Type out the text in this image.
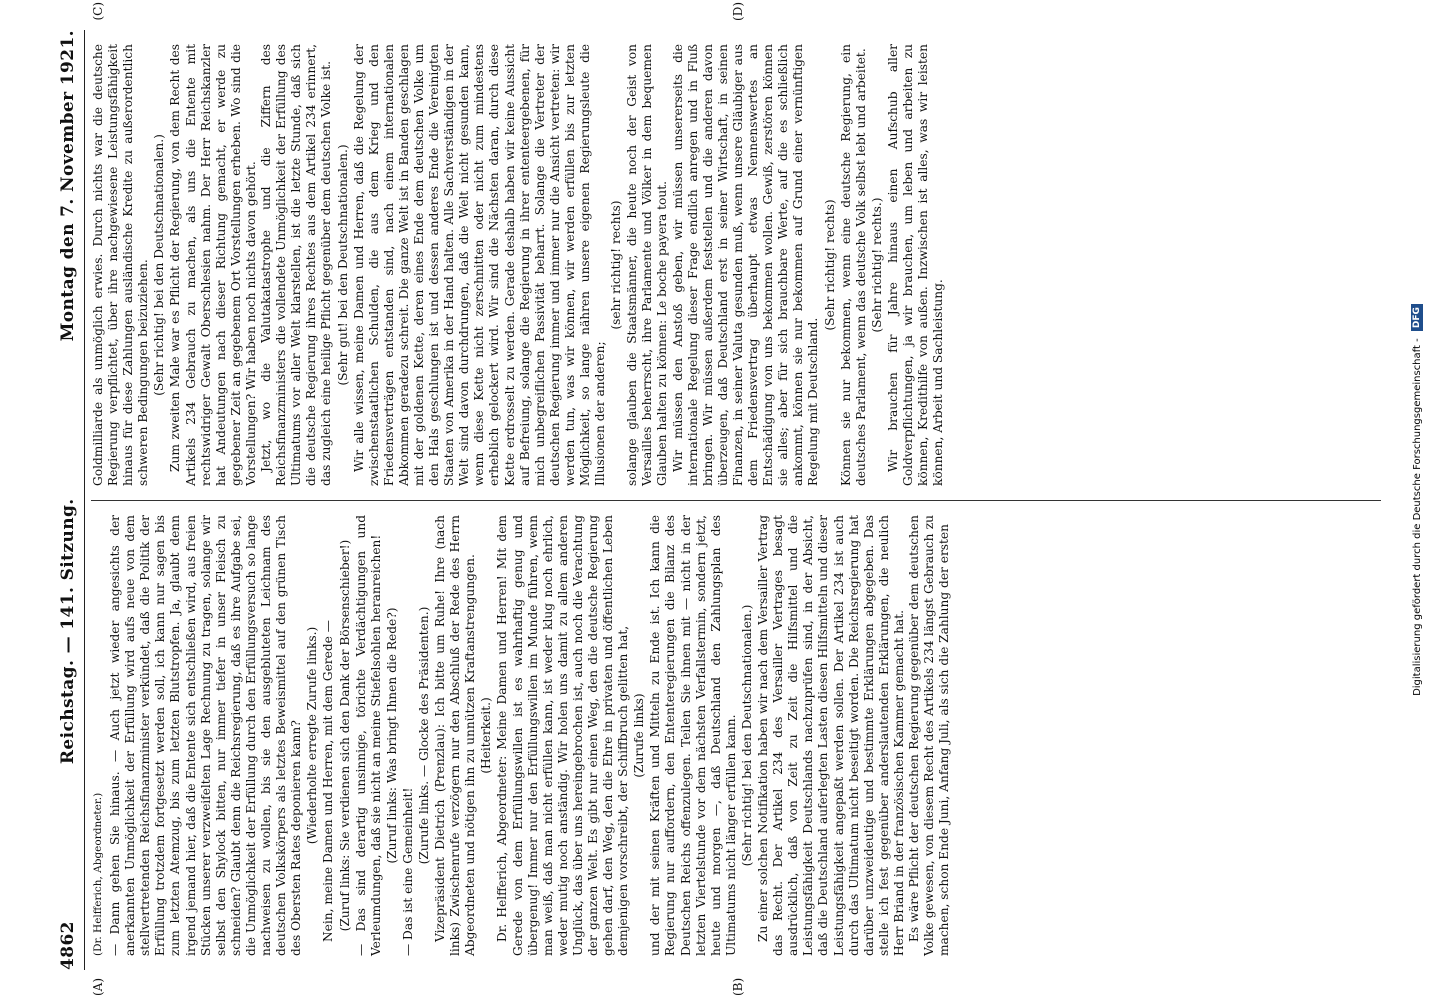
4862
Reichstag. — 141. Sitzung.
Montag den 7. November 1921.
(A)	(B)
(C)	(D)
(Dr. Helfferich, Abgeordneter.) — Dann gehen Sie hinaus. — Auch jetzt wieder angesichts der anerkannten Unmöglichkeit der Erfüllung wird aufs neue von dem stellvertretenden Reichsfinanzminister verkündet, daß die Politik der Erfüllung trotzdem fortgesetzt werden soll, ich kann nur sagen bis zum letzten Atemzug, bis zum letzten Blutstropfen. Ja, glaubt denn irgend jemand hier, daß die Entente sich entschließen wird, aus freien Stücken unserer verzweifelten Lage Rechnung zu tragen, solange wir selbst den Shylock bitten, nur immer tiefer in unser Fleisch zu schneiden? Glaubt denn die Reichsregierung, daß es ihre Aufgabe sei, die Unmöglichkeit der Erfüllung durch den Erfüllungsversuch so lange nachweisen zu wollen, bis sie den ausgebluteten Leichnam des deutschen Volkskörpers als letztes Beweismittel auf den grünen Tisch des Obersten Rates deponieren kann? (Wiederholte erregte Zurufe links.) Nein, meine Damen und Herren, mit dem Gerede — (Zuruf links: Sie verdienen sich den Dank der Börsenschieber!) — Das sind derartig unsinnige, törichte Verdächtigungen und Verleumdungen, daß sie nicht an meine Stiefelsohlen heranreichen! (Zuruf links: Was bringt Ihnen die Rede?)

— Das ist eine Gemeinheit!

(Zurufe links. — Glocke des Präsidenten.) Vizepräsident Dietrich (Prenzlau): Ich bitte um Ruhe! Ihre (nach links) Zwischenrufe verzögern nur den Abschluß der Rede des Herrn Abgeordneten und nötigen ihn zu unnützen Kraftanstrengungen. (Heiterkeit.) Dr. Helfferich, Abgeordneter: Meine Damen und Herren! Mit dem Gerede von dem Erfüllungswillen ist es wahrhaftig genug und übergenug! Immer nur den Erfüllungswillen im Munde führen, wenn man weiß, daß man nicht erfüllen kann, ist weder klug noch ehrlich, weder mutig noch anständig. Wir holen uns damit zu allem anderen Unglück, das über uns hereingebrochen ist, auch noch die Verachtung der ganzen Welt. Es gibt nur einen Weg, den die deutsche Regierung gehen darf, den Weg, den die Ehre in privaten und öffentlichen Leben demjenigen vorschreibt, der Schiffbruch gelitten hat, (Zurufe links) und der mit seinen Kräften und Mitteln zu Ende ist. Ich kann die Regierung nur auffordern, den Ententeregierungen die Bilanz des Deutschen Reichs offenzulegen. Teilen Sie ihnen mit — nicht in der letzten Viertelstunde vor dem nächsten Verfallstermin, sondern jetzt, heute und morgen —, daß Deutschland den Zahlungsplan des Ultimatums nicht länger erfüllen kann. (Sehr richtig! bei den Deutschnationalen.) Zu einer solchen Notifikation haben wir nach dem Versailler Vertrag das Recht. Der Artikel 234 des Versailler Vertrages besagt ausdrücklich, daß von Zeit zu Zeit die Hilfsmittel und die Leistungsfähigkeit Deutschlands nachzuprüfen sind, in der Absicht, daß die Deutschland auferlegten Lasten diesen Hilfsmitteln und dieser Leistungsfähigkeit angepaßt werden sollen. Der Artikel 234 ist auch durch das Ultimatum nicht beseitigt worden. Die Reichsregierung hat darüber unzweideutige und bestimmte Erklärungen abgegeben. Das stelle ich fest gegenüber anderslautenden Erklärungen, die neulich Herr Briand in der französischen Kammer gemacht hat. Es wäre Pflicht der deutschen Regierung gegenüber dem deutschen Volke gewesen, von diesem Recht des Artikels 234 längst Gebrauch zu machen, schon Ende Juni, Anfang Juli, als sich die Zahlung der ersten

Goldmilliarde als unmöglich erwies. Durch nichts war die deutsche Regierung verpflichtet, über ihre nachgewiesene Leistungsfähigkeit hinaus für diese Zahlungen ausländische Kredite zu außerordentlich schweren Bedingungen beizuziehen. (Sehr richtig! bei den Deutschnationalen.) Zum zweiten Male war es Pflicht der Regierung, von dem Recht des Artikels 234 Gebrauch zu machen, als uns die Entente mit rechtswidriger Gewalt Oberschlesien nahm. Der Herr Reichskanzler hat Andeutungen nach dieser Richtung gemacht, er werde zu gegebener Zeit an gegebenem Ort Vorstellungen erheben. Wo sind die Vorstellungen? Wir haben noch nichts davon gehört. Jetzt, wo die Valutakatastrophe und die Ziffern des Reichsfinanzministers die vollendete Unmöglichkeit der Erfüllung des Ultimatums vor aller Welt klarstellen, ist die letzte Stunde, daß sich die deutsche Regierung ihres Rechtes aus dem Artikel 234 erinnert, das zugleich eine heilige Pflicht gegenüber dem deutschen Volke ist. (Sehr gut! bei den Deutschnationalen.) Wir alle wissen, meine Damen und Herren, daß die Regelung der zwischenstaatlichen Schulden, die aus dem Krieg und den Friedensverträgen entstanden sind, nach einem internationalen Abkommen geradezu schreit. Die ganze Welt ist in Banden geschlagen mit der goldenen Kette, deren eines Ende dem deutschen Volke um den Hals geschlungen ist und dessen anderes Ende die Vereinigten Staaten von Amerika in der Hand halten. Alle Sachverständigen in der Welt sind davon durchdrungen, daß die Welt nicht gesunden kann, wenn diese Kette nicht zerschnitten oder nicht zum mindestens erheblich gelockert wird. Wir sind die Nächsten daran, durch diese Kette erdrosselt zu werden. Gerade deshalb haben wir keine Aussicht auf Befreiung, solange die Regierung in ihrer ententeergebenen, für mich unbegreiflichen Passivität beharrt. Solange die Vertreter der deutschen Regierung immer und immer nur die Ansicht vertreten: wir werden tun, was wir können, wir werden erfüllen bis zur letzten Möglichkeit, so lange nähren unsere eigenen Regierungsleute die Illusionen der anderen;

(sehr richtig! rechts) solange glauben die Staatsmänner, die heute noch der Geist von Versailles beherrscht, ihre Parlamente und Völker in dem bequemen Glauben halten zu können: Le boche payera tout. Wir müssen den Anstoß geben, wir müssen unsererseits die internationale Regelung dieser Frage endlich anregen und in Fluß bringen. Wir müssen außerdem feststellen und die anderen davon überzeugen, daß Deutschland erst in seiner Wirtschaft, in seinen Finanzen, in seiner Valuta gesunden muß, wenn unsere Gläubiger aus dem Friedensvertrag überhaupt etwas Nennenswertes an Entschädigung von uns bekommen wollen. Gewiß, zerstören können sie alles; aber für sich brauchbare Werte, auf die es schließlich ankommt, können sie nur bekommen auf Grund einer vernünftigen Regelung mit Deutschland.

(Sehr richtig! rechts) Können sie nur bekommen, wenn eine deutsche Regierung, ein deutsches Parlament, wenn das deutsche Volk selbst lebt und arbeitet. (Sehr richtig! rechts.) Wir brauchen für Jahre hinaus einen Aufschub aller Goldverpflichtungen, ja wir brauchen, um leben und arbeiten zu können, Kredithilfe von außen. Inzwischen ist alles, was wir leisten können, Arbeit und Sachleistung.	Digitalisierung gefördert durch die Deutsche Forschungsgemeinschaft - DFG
